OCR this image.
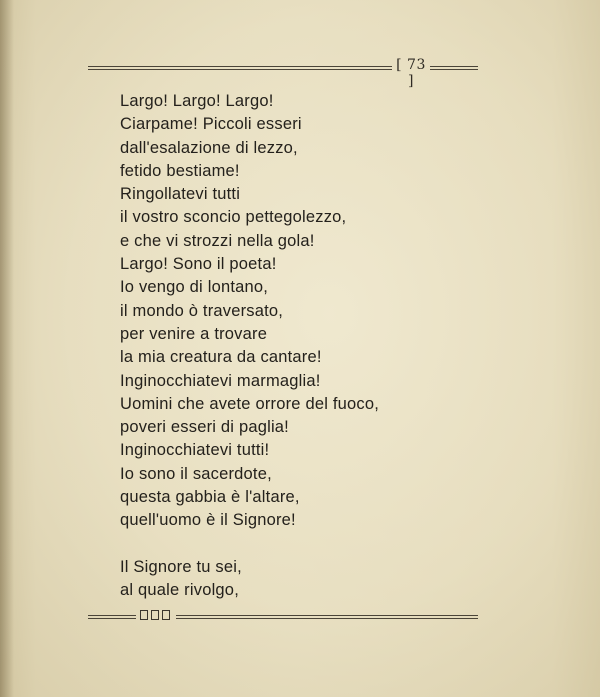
[ 73 ]
Largo! Largo! Largo!
Ciarpame! Piccoli esseri
dall'esalazione di lezzo,
fetido bestiame!
Ringollatevi tutti
il vostro sconcio pettegolezzo,
e che vi strozzi nella gola!
Largo! Sono il poeta!
Io vengo di lontano,
il mondo ò traversato,
per venire a trovare
la mia creatura da cantare!
Inginocchiatevi marmaglia!
Uomini che avete orrore del fuoco,
poveri esseri di paglia!
Inginocchiatevi tutti!
Io sono il sacerdote,
questa gabbia è l'altare,
quell'uomo è il Signore!
Il Signore tu sei,
al quale rivolgo,
